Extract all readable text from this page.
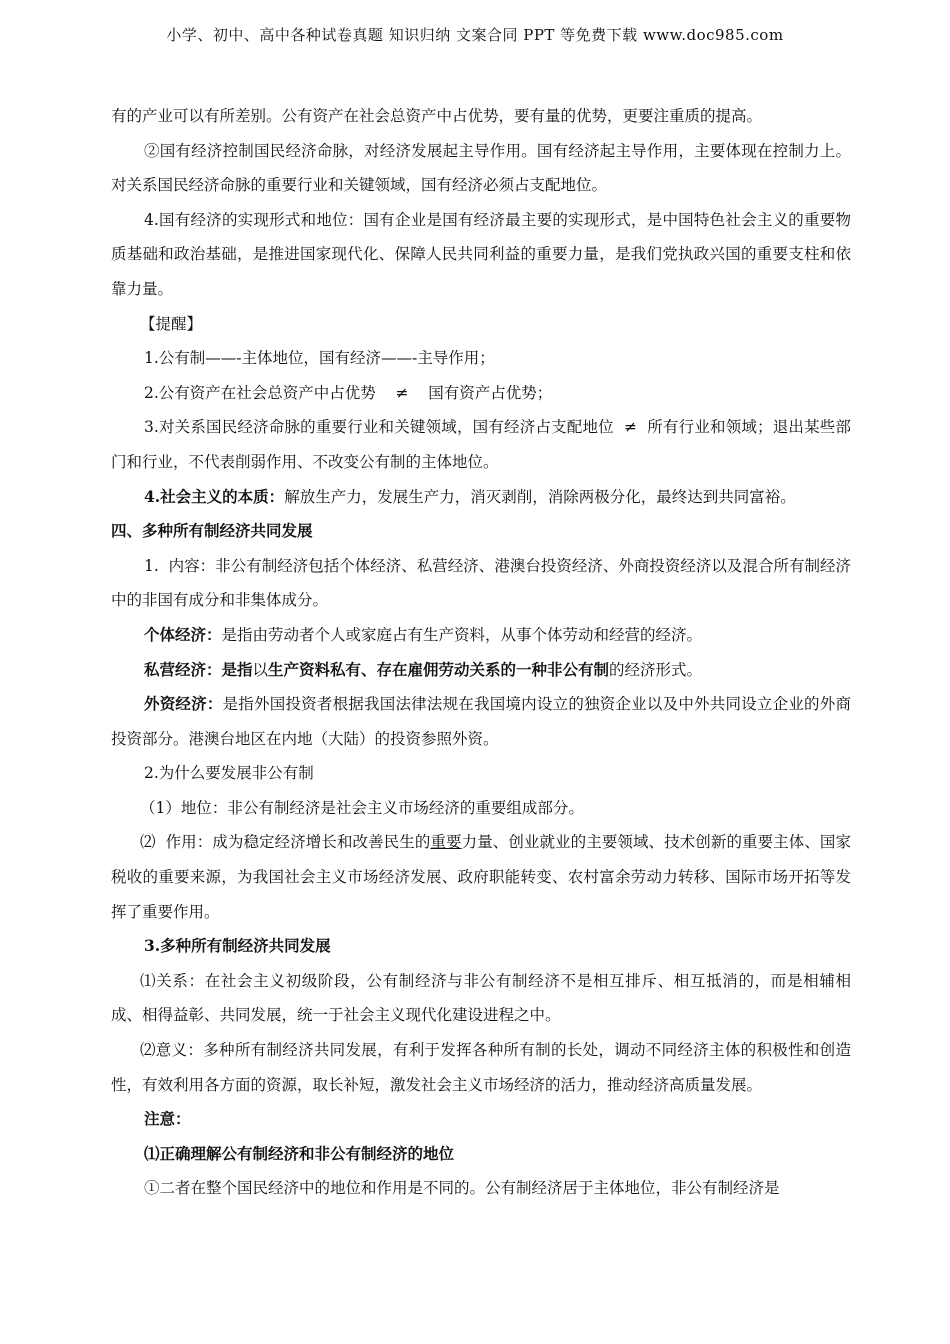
小学、初中、高中各种试卷真题 知识归纳 文案合同 PPT 等免费下载 www.doc985.com

有的产业可以有所差别。公有资产在社会总资产中占优势，要有量的优势，更要注重质的提高。

②国有经济控制国民经济命脉，对经济发展起主导作用。国有经济起主导作用，主要体现在控制力上。对关系国民经济命脉的重要行业和关键领域，国有经济必须占支配地位。

4.国有经济的实现形式和地位：国有企业是国有经济最主要的实现形式，是中国特色社会主义的重要物质基础和政治基础，是推进国家现代化、保障人民共同利益的重要力量，是我们党执政兴国的重要支柱和依靠力量。

【提醒】

1.公有制——-主体地位，国有经济——-主导作用；

2.公有资产在社会总资产中占优势    ≠    国有资产占优势；

3.对关系国民经济命脉的重要行业和关键领域，国有经济占支配地位  ≠  所有行业和领域；退出某些部门和行业，不代表削弱作用、不改变公有制的主体地位。

4.社会主义的本质：解放生产力，发展生产力，消灭剥削，消除两极分化，最终达到共同富裕。

四、多种所有制经济共同发展

1.  内容：非公有制经济包括个体经济、私营经济、港澳台投资经济、外商投资经济以及混合所有制经济中的非国有成分和非集体成分。

个体经济：是指由劳动者个人或家庭占有生产资料，从事个体劳动和经营的经济。

私营经济：是指以生产资料私有、存在雇佣劳动关系的一种非公有制的经济形式。

外资经济：是指外国投资者根据我国法律法规在我国境内设立的独资企业以及中外共同设立企业的外商投资部分。港澳台地区在内地（大陆）的投资参照外资。

2.为什么要发展非公有制

（1）地位：非公有制经济是社会主义市场经济的重要组成部分。

⑵  作用：成为稳定经济增长和改善民生的重要力量、创业就业的主要领域、技术创新的重要主体、国家税收的重要来源，为我国社会主义市场经济发展、政府职能转变、农村富余劳动力转移、国际市场开拓等发挥了重要作用。

3.多种所有制经济共同发展

⑴关系：在社会主义初级阶段，公有制经济与非公有制经济不是相互排斥、相互抵消的，而是相辅相成、相得益彰、共同发展，统一于社会主义现代化建设进程之中。

⑵意义：多种所有制经济共同发展，有利于发挥各种所有制的长处，调动不同经济主体的积极性和创造性，有效利用各方面的资源，取长补短，激发社会主义市场经济的活力，推动经济高质量发展。

注意：

⑴正确理解公有制经济和非公有制经济的地位

①二者在整个国民经济中的地位和作用是不同的。公有制经济居于主体地位，非公有制经济是
